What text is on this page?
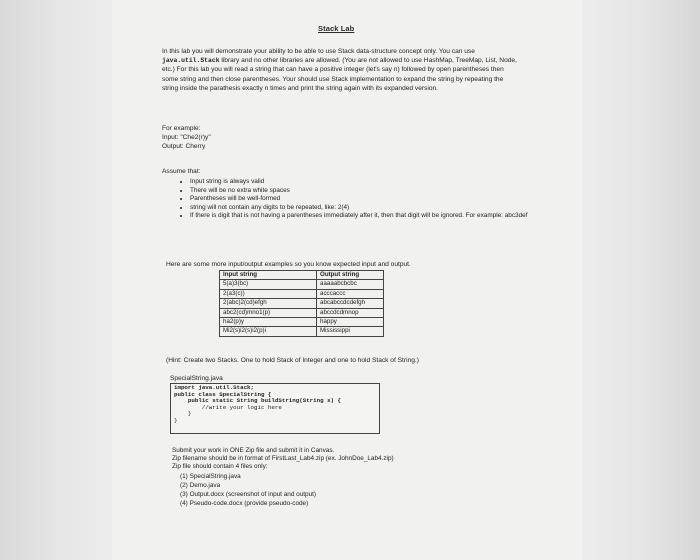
Stack Lab
In this lab you will demonstrate your ability to be able to use Stack data-structure concept only. You can use java.util.Stack library and no other libraries are allowed. (You are not allowed to use HashMap, TreeMap, List, Node, etc.) For this lab you will read a string that can have a positive integer (let's say n) followed by open parentheses then some string and then close parentheses. Your should use Stack implementation to expand the string by repeating the string inside the parathesis exactly n times and print the string again with its expanded version.
For example:
Input: "Che2(r)y"
Output: Cherry
Assume that:
• Input string is always valid
• There will be no extra white spaces
• Parentheses will be well-formed
• string will not contain any digits to be repeated, like: 2(4)
• If there is digit that is not having a parentheses immediately after it, then that digit will be ignored. For example: abc3def
Here are some more input/output examples so you know expected input and output.
Input string	Output string
5(a)3(bc)	aaaaabcbcbc
2(a3(c))	acccaccc
2(abc)2(cd)efgh	abcabccdcdefgh
abc2(cd)mno1(p)	abccdcdmnop
ha2(p)y	happy
Mi2(s)i2(s)i2(p)i	Mississippi
(Hint: Create two Stacks. One to hold Stack of Integer and one to hold Stack of String.)
SpecialString.java
import java.util.Stack;
public class SpecialString {
public static String buildString(String s) {
//write your logic here
}
}
Submit your work in ONE Zip file and submit it in Canvas.
Zip filename should be in format of FirstLast_Lab4.zip (ex. JohnDoe_Lab4.zip)
Zip file should contain 4 files only:
(1) SpecialString.java
(2) Demo.java
(3) Output.docx (screenshot of input and output)
(4) Pseudo-code.docx (provide pseudo-code)
